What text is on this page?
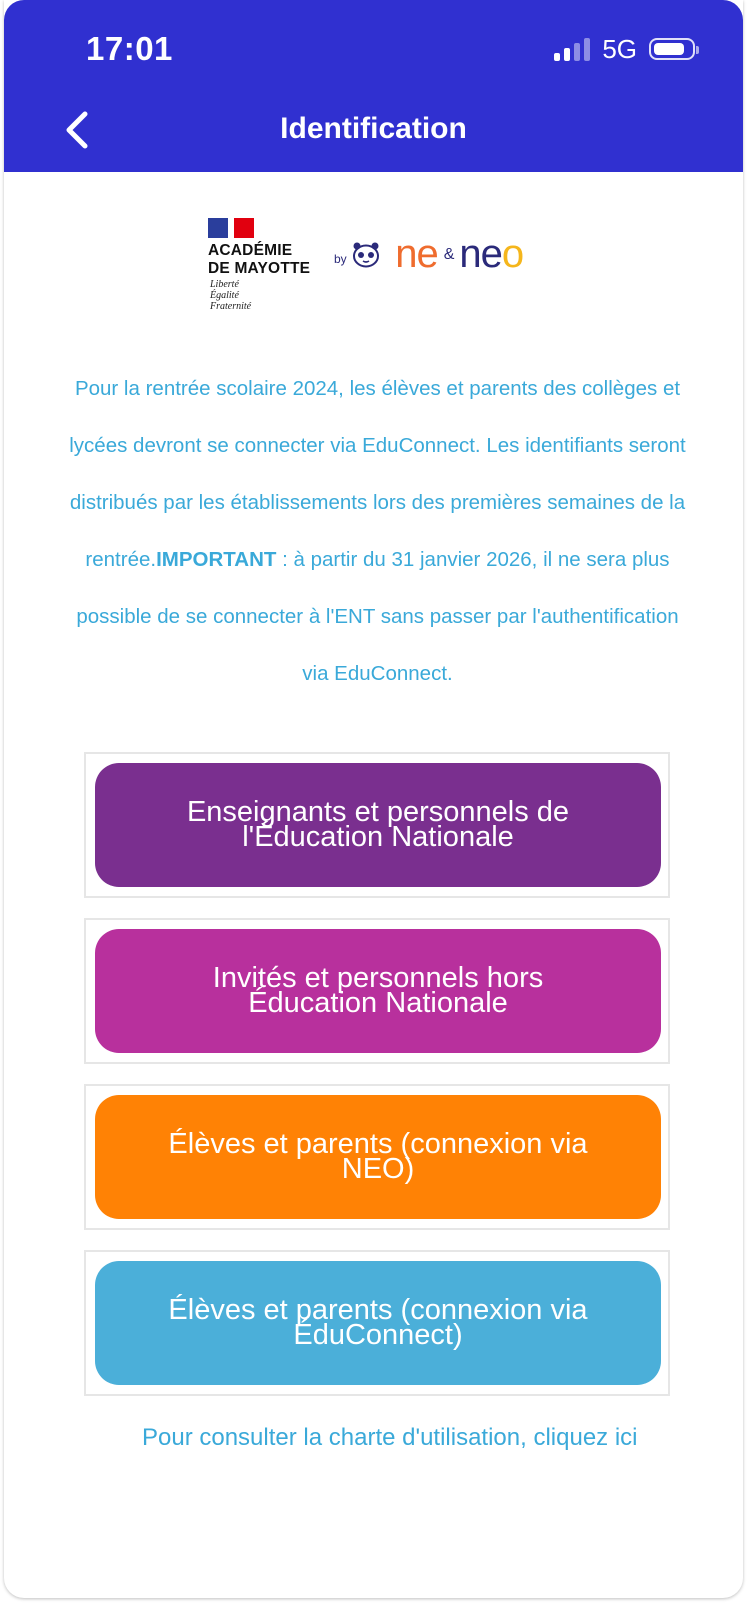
17:01	5G
Identification
ACADÉMIE
DE MAYOTTE
Liberté
Égalité
Fraternité
by	ne & neo
Pour la rentrée scolaire 2024, les élèves et parents des collèges et lycées devront se connecter via EduConnect. Les identifiants seront distribués par les établissements lors des premières semaines de la rentrée.IMPORTANT : à partir du 31 janvier 2026, il ne sera plus possible de se connecter à l'ENT sans passer par l'authentification via EduConnect.
Enseignants et personnels de l'Éducation Nationale
Invités et personnels hors Éducation Nationale
Élèves et parents (connexion via NEO)
Élèves et parents (connexion via ÉduConnect)
Pour consulter la charte d'utilisation, cliquez ici
